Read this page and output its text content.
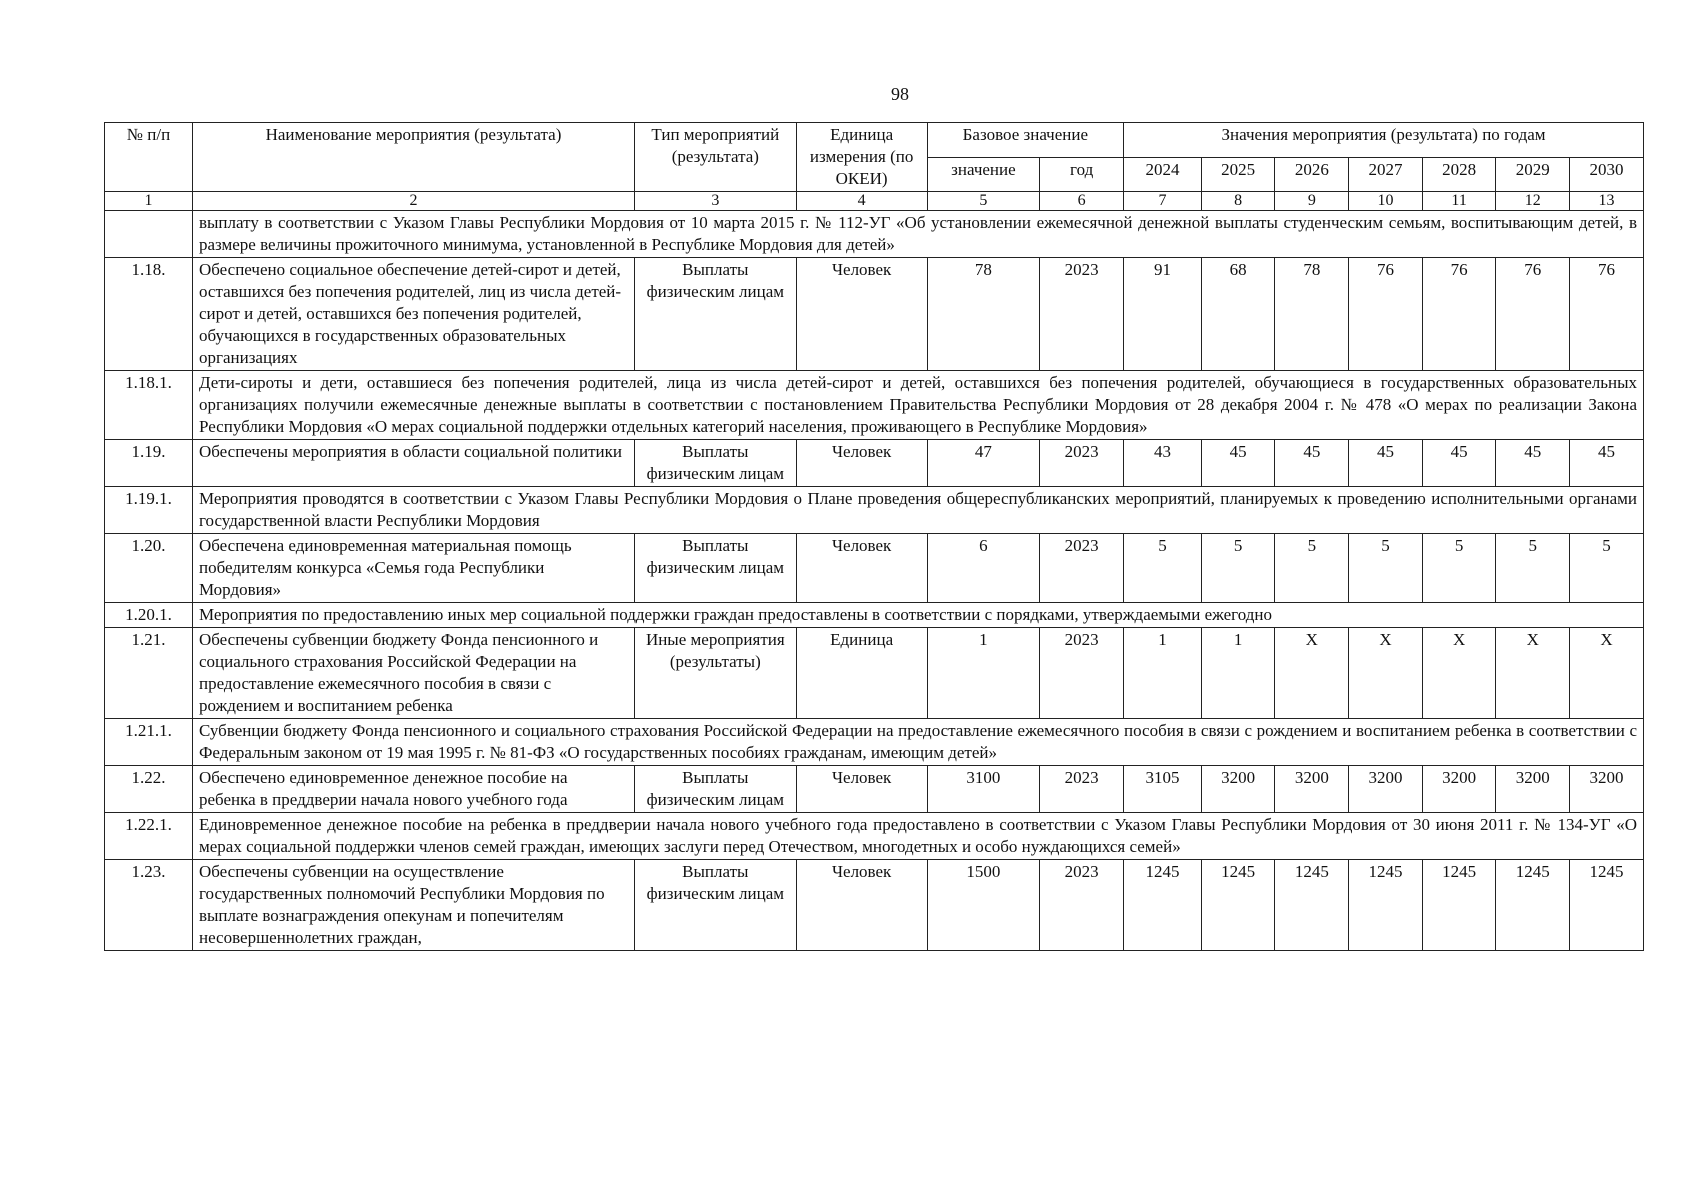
98
№ п/п	Наименование мероприятия (результата)	Тип мероприятий (результата)	Единица измерения (по ОКЕИ)	Базовое значение		Значения мероприятия (результата) по годам						
				значение	год	2024	2025	2026	2027	2028	2029	2030
1	2	3	4	5	6	7	8	9	10	11	12	13
	выплату в соответствии с Указом Главы Республики Мордовия от 10 марта 2015 г. № 112-УГ «Об установлении ежемесячной денежной выплаты студенческим семьям, воспитывающим детей, в размере величины прожиточного минимума, установленной в Республике Мордовия для детей»											
1.18.	Обеспечено социальное обеспечение детей-сирот и детей, оставшихся без попечения родителей, лиц из числа детей-сирот и детей, оставшихся без попечения родителей, обучающихся в государственных образовательных организациях	Выплаты физическим лицам	Человек	78	2023	91	68	78	76	76	76	76
1.18.1.	Дети-сироты и дети, оставшиеся без попечения родителей, лица из числа детей-сирот и детей, оставшихся без попечения родителей, обучающиеся в государственных образовательных организациях получили ежемесячные денежные выплаты в соответствии с постановлением Правительства Республики Мордовия от 28 декабря 2004 г. № 478 «О мерах по реализации Закона Республики Мордовия «О мерах социальной поддержки отдельных категорий населения, проживающего в Республике Мордовия»											
1.19.	Обеспечены мероприятия в области социальной политики	Выплаты физическим лицам	Человек	47	2023	43	45	45	45	45	45	45
1.19.1.	Мероприятия проводятся в соответствии с Указом Главы Республики Мордовия о Плане проведения общереспубликанских мероприятий, планируемых к проведению исполнительными органами государственной власти Республики Мордовия											
1.20.	Обеспечена единовременная материальная помощь победителям конкурса «Семья года Республики Мордовия»	Выплаты физическим лицам	Человек	6	2023	5	5	5	5	5	5	5
1.20.1.	Мероприятия по предоставлению иных мер социальной поддержки граждан предоставлены в соответствии с порядками, утверждаемыми ежегодно											
1.21.	Обеспечены субвенции бюджету Фонда пенсионного и социального страхования Российской Федерации на предоставление ежемесячного пособия в связи с рождением и воспитанием ребенка	Иные мероприятия (результаты)	Единица	1	2023	1	1	X	X	X	X	X
1.21.1.	Субвенции бюджету Фонда пенсионного и социального страхования Российской Федерации на предоставление ежемесячного пособия в связи с рождением и воспитанием ребенка в соответствии с Федеральным законом от 19 мая 1995 г. № 81-ФЗ «О государственных пособиях гражданам, имеющим детей»											
1.22.	Обеспечено единовременное денежное пособие на ребенка в преддверии начала нового учебного года	Выплаты физическим лицам	Человек	3100	2023	3105	3200	3200	3200	3200	3200	3200
1.22.1.	Единовременное денежное пособие на ребенка в преддверии начала нового учебного года предоставлено в соответствии с Указом Главы Республики Мордовия от 30 июня 2011 г. № 134-УГ «О мерах социальной поддержки членов семей граждан, имеющих заслуги перед Отечеством, многодетных и особо нуждающихся семей»											
1.23.	Обеспечены субвенции на осуществление государственных полномочий Республики Мордовия по выплате вознаграждения опекунам и попечителям несовершеннолетних граждан,	Выплаты физическим лицам	Человек	1500	2023	1245	1245	1245	1245	1245	1245	1245
